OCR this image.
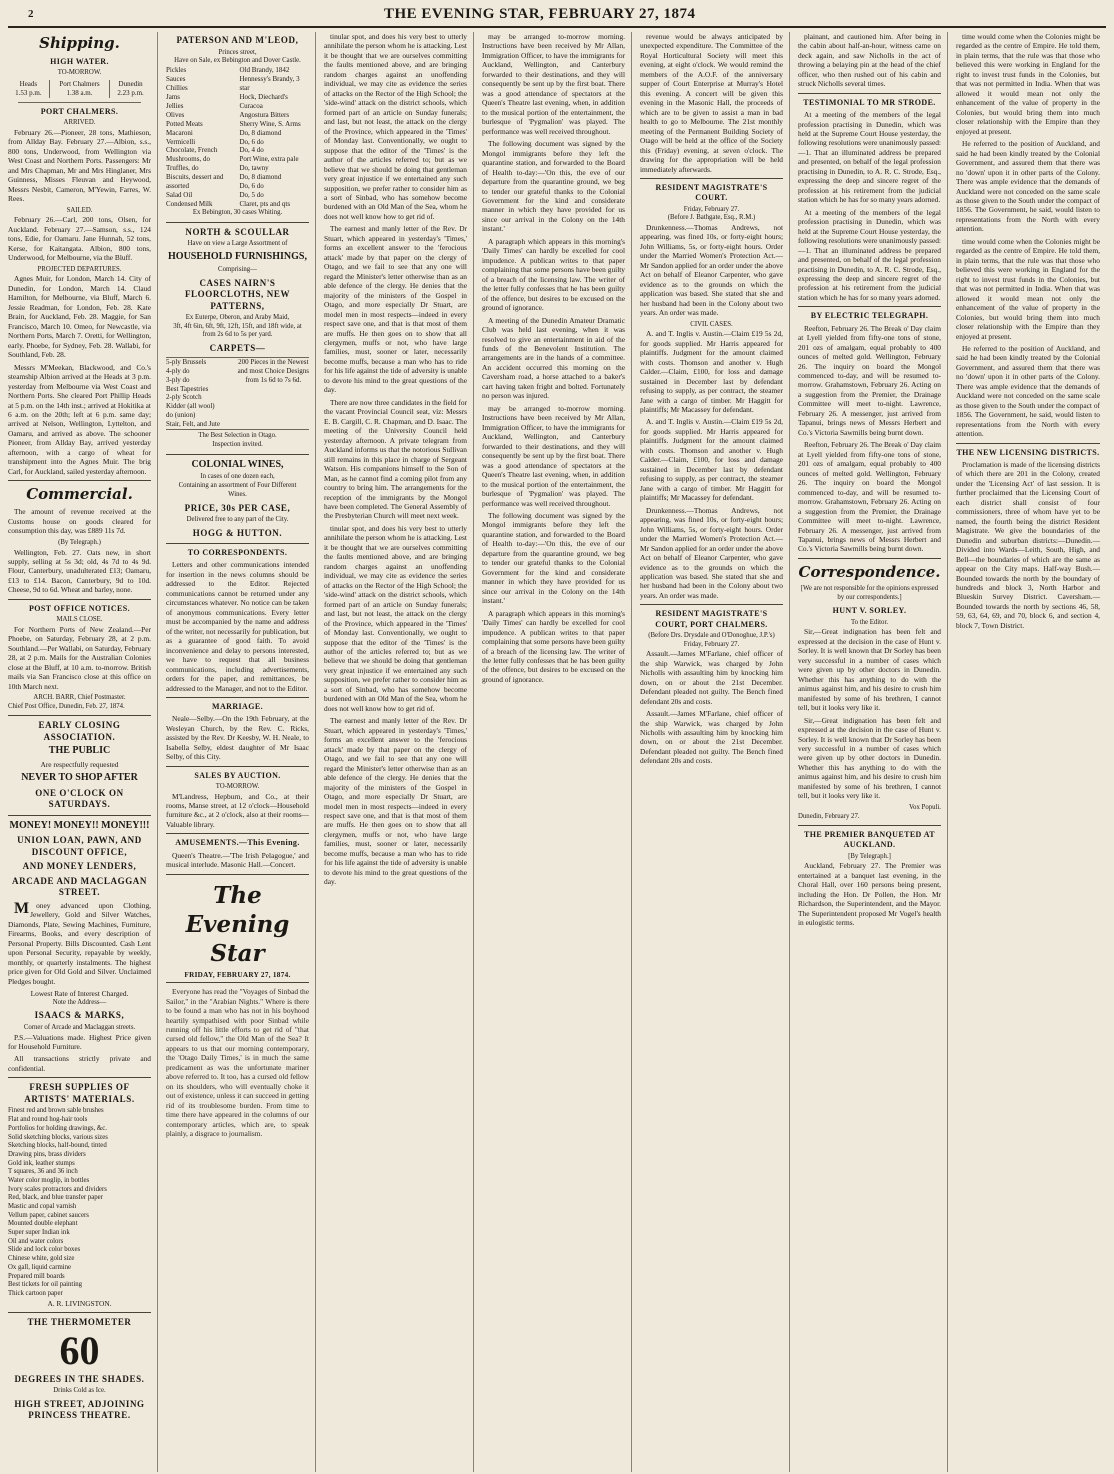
2	THE EVENING STAR, FEBRUARY 27, 1874
Shipping.
HIGH WATER.
TO-MORROW.
Heads	Port Chalmers	Dunedin
1.53 p.m.	1.38 a.m.	2.23 p.m.
PORT CHALMERS.
ARRIVED.

February 26.—Pioneer, 28 tons, Mathieson, from Allday Bay. February 27.—Albion, s.s., 800 tons, Underwood, from Wellington via West Coast and Northern Ports. Passengers: Mr and Mrs Chapman, Mr and Mrs Hinglaner, Mrs Guinness, Misses Fleuvan and Heywood, Messrs Nesbit, Cameron, M'Yewin, Farres, W. Rees.

SAILED.

February 26.—Carl, 200 tons, Olsen, for Auckland. February 27.—Samson, s.s., 124 tons, Edie, for Oamaru. Jane Hunnah, 52 tons, Kerse, for Kaitangata. Albion, 800 tons, Underwood, for Melbourne, via the Bluff.

PROJECTED DEPARTURES.

Agnes Muir, for London, March 14. City of Dunedin, for London, March 14. Claud Hamilton, for Melbourne, via Bluff, March 6. Jessie Readman, for London, Feb. 28. Kate Brain, for Auckland, Feb. 28. Maggie, for San Francisco, March 10. Omeo, for Newcastle, via Northern Ports, March 7. Oretti, for Wellington, early. Phoebe, for Sydney, Feb. 28. Wallabi, for Southland, Feb. 28.

Messrs M'Meekan, Blackwood, and Co.'s steamship Albion arrived at the Heads at 3 p.m. yesterday from Melbourne via West Coast and Northern Ports. She cleared Port Phillip Heads at 5 p.m. on the 14th inst.; arrived at Hokitika at 6 a.m. on the 20th; left at 6 p.m. same day; arrived at Nelson, Wellington, Lyttelton, and Oamaru, and arrived as above. The schooner Pioneer, from Allday Bay, arrived yesterday afternoon, with a cargo of wheat for transhipment into the Agnes Muir. The brig Carl, for Auckland, sailed yesterday afternoon.

Commercial.

The amount of revenue received at the Customs house on goods cleared for consumption this day, was £889 11s 7d.

(By Telegraph.)

Wellington, Feb. 27. Oats new, in short supply, selling at 5s 3d; old, 4s 7d to 4s 9d. Flour, Canterbury, unadulterated £13; Oamaru, £13 to £14. Bacon, Canterbury, 9d to 10d. Cheese, 9d to 6d. Wheat and barley, none.

POST OFFICE NOTICES.
MAILS CLOSE.

For Northern Ports of New Zealand.—Per Phoebe, on Saturday, February 28, at 2 p.m. Southland.—Per Wallabi, on Saturday, February 28, at 2 p.m. Mails for the Australian Colonies close at the Bluff, at 10 a.m. to-morrow. British mails via San Francisco close at this office on 10th March next.

ARCH. BARR, Chief Postmaster.
Chief Post Office, Dunedin, Feb. 27, 1874.
EARLY CLOSING ASSOCIATION.
THE PUBLIC
Are respectfully requested
NEVER TO SHOP AFTER
ONE O'CLOCK ON SATURDAYS.
MONEY! MONEY!! MONEY!!!
UNION LOAN, PAWN, AND DISCOUNT OFFICE,
AND MONEY LENDERS,
ARCADE AND MACLAGGAN STREET.

Money advanced upon Clothing, Jewellery, Gold and Silver Watches, Diamonds, Plate, Sewing Machines, Furniture, Firearms, Books, and every description of Personal Property. Bills Discounted. Cash Lent upon Personal Security, repayable by weekly, monthly, or quarterly instalments. The highest price given for Old Gold and Silver. Unclaimed Pledges bought.

Lowest Rate of Interest Charged.
Note the Address—
ISAACS & MARKS,
Corner of Arcade and Maclaggan streets.

P.S.—Valuations made. Highest Price given for Household Furniture.

All transactions strictly private and confidential.

FRESH SUPPLIES OF ARTISTS' MATERIALS.
Finest red and brown sable brushes
Flat and round hog-hair tools
Portfolios for holding drawings, &c.
Solid sketching blocks, various sizes
Sketching blocks, half-bound, tinted
Drawing pins, brass dividers
Gold ink, leather stumps
T squares, 36 and 36 inch
Water color moglip, in bottles
Ivory scales protractors and dividers
Red, black, and blue transfer paper
Mastic and copal varnish
Vellum paper, cabinet saucers
Mounted double elephant
Super super Indian ink
Oil and water colors
Slide and lock color boxes
Chinese white, gold size
Ox gall, liquid carmine
Prepared mill boards
Best tickets for oil painting
Thick cartoon paper
A. R. LIVINGSTON.
THE THERMOMETER
60
DEGREES IN THE SHADES.
Drinks Cold as Ice.
HIGH STREET, ADJOINING PRINCESS THEATRE.
PATERSON AND M'LEOD,
Princes street,
Have on Sale, ex Bebington and Dover Castle.
Pickles
Sauces
Chillies
Jams
Jellies
Olives
Potted Meats
Macaroni
Vermicelli
Chocolate, French
Mushrooms, do
Truffles, do
Biscuits, dessert and assorted
Salad Oil
Condensed Milk
Old Brandy, 1842
Hennessy's Brandy, 3 star
Hock, Diechard's
Curacoa
Angostura Bitters
Sherry Wine, S. Arms
Do, 8 diamond
Do, 6 do
Do, 4 do
Port Wine, extra pale
Do, tawny
Do, 8 diamond
Do, 6 do
Do, 5 do
Claret, pts and qts
Ex Bebington, 30 cases Whiting.
NORTH & SCOULLAR
Have on view a Large Assortment of
HOUSEHOLD FURNISHINGS,
Comprising—
CASES NAIRN'S FLOORCLOTHS, NEW PATTERNS,
Ex Euterpe, Oberon, and Araby Maid,
3ft, 4ft 6in, 6ft, 9ft, 12ft, 15ft, and 18ft wide, at from 2s 6d to 5s per yard.
CARPETS—
5-ply Brussels
4-ply do
3-ply do
Best Tapestries
2-ply Scotch
Kidder (all wool)
do (union)
Stair, Felt, and Jute
200 Pieces in the Newest and most Choice Designs from 1s 6d to 7s 6d.
The Best Selection in Otago.
Inspection invited.
COLONIAL WINES,
In cases of one dozen each,
Containing an assortment of Four Different
Wines.
PRICE, 30s PER CASE,
Delivered free to any part of the City.
HOGG & HUTTON.
TO CORRESPONDENTS.

Letters and other communications intended for insertion in the news columns should be addressed to the Editor. Rejected communications cannot be returned under any circumstances whatever. No notice can be taken of anonymous communications. Every letter must be accompanied by the name and address of the writer, not necessarily for publication, but as a guarantee of good faith. To avoid inconvenience and delay to persons interested, we have to request that all business communications, including advertisements, orders for the paper, and remittances, be addressed to the Manager, and not to the Editor.

MARRIAGE.

Neale—Selby.—On the 19th February, at the Wesleyan Church, by the Rev. C. Ricks, assisted by the Rev. Dr Keesby, W. H. Neale, to Isabella Selby, eldest daughter of Mr Isaac Selby, of this City.

SALES BY AUCTION.
TO-MORROW.

M'Landress, Hepburn, and Co., at their rooms, Manse street, at 12 o'clock—Household furniture &c., at 2 o'clock, also at their rooms—Valuable library.

AMUSEMENTS.—This Evening.

Queen's Theatre.—'The Irish Pelagogue,' and musical interlude. Masonic Hall.—Concert.

The Evening Star
FRIDAY, FEBRUARY 27, 1874.

Everyone has read the "Voyages of Sinbad the Sailor," in the "Arabian Nights." Where is there to be found a man who has not in his boyhood heartily sympathised with poor Sinbad while running off his little efforts to get rid of "that cursed old fellow," the Old Man of the Sea? It appears to us that our morning contemporary, the 'Otago Daily Times,' is in much the same predicament as was the unfortunate mariner above referred to. It too, has a cursed old fellow on its shoulders, who will eventually choke it out of existence, unless it can succeed in getting rid of its troublesome burden. From time to time there have appeared in the columns of our contemporary articles, which are, to speak plainly, a disgrace to journalism.

tinular spot, and does his very best to utterly annihilate the person whom he is attacking. Lest it be thought that we are ourselves committing the faults mentioned above, and are bringing random charges against an unoffending individual, we may cite as evidence the series of attacks on the Rector of the High School; the 'side-wind' attack on the district schools, which formed part of an article on Sunday funerals; and last, but not least, the attack on the clergy of the Province, which appeared in the 'Times' of Monday last. Conventionally, we ought to suppose that the editor of the 'Times' is the author of the articles referred to; but as we believe that we should be doing that gentleman very great injustice if we entertained any such supposition, we prefer rather to consider him as a sort of Sinbad, who has somehow become burdened with an Old Man of the Sea, whom he does not well know how to get rid of.

The earnest and manly letter of the Rev. Dr Stuart, which appeared in yesterday's 'Times,' forms an excellent answer to the 'ferocious attack' made by that paper on the clergy of Otago, and we fail to see that any one will regard the Minister's letter otherwise than as an able defence of the clergy. He denies that the majority of the ministers of the Gospel in Otago, and more especially Dr Stuart, are model men in most respects—indeed in every respect save one, and that is that most of them are muffs. He then goes on to show that all clergymen, muffs or not, who have large families, must, sooner or later, necessarily become muffs, because a man who has to ride for his life against the tide of adversity is unable to devote his mind to the great questions of the day.

There are now three candidates in the field for the vacant Provincial Council seat, viz: Messrs E. B. Cargill, C. R. Chapman, and D. Isaac. The meeting of the University Council held yesterday afternoon. A private telegram from Auckland informs us that the notorious Sullivan still remains in this place in charge of Sergeant Watson. His companions himself to the Son of Man, as he cannot find a coming pilot from any country to bring him. The arrangements for the reception of the immigrants by the Mongol have been completed. The General Assembly of the Presbyterian Church will meet next week.

tinular spot, and does his very best to utterly annihilate the person whom he is attacking. Lest it be thought that we are ourselves committing the faults mentioned above, and are bringing random charges against an unoffending individual, we may cite as evidence the series of attacks on the Rector of the High School; the 'side-wind' attack on the district schools, which formed part of an article on Sunday funerals; and last, but not least, the attack on the clergy of the Province, which appeared in the 'Times' of Monday last. Conventionally, we ought to suppose that the editor of the 'Times' is the author of the articles referred to; but as we believe that we should be doing that gentleman very great injustice if we entertained any such supposition, we prefer rather to consider him as a sort of Sinbad, who has somehow become burdened with an Old Man of the Sea, whom he does not well know how to get rid of.

The earnest and manly letter of the Rev. Dr Stuart, which appeared in yesterday's 'Times,' forms an excellent answer to the 'ferocious attack' made by that paper on the clergy of Otago, and we fail to see that any one will regard the Minister's letter otherwise than as an able defence of the clergy. He denies that the majority of the ministers of the Gospel in Otago, and more especially Dr Stuart, are model men in most respects—indeed in every respect save one, and that is that most of them are muffs. He then goes on to show that all clergymen, muffs or not, who have large families, must, sooner or later, necessarily become muffs, because a man who has to ride for his life against the tide of adversity is unable to devote his mind to the great questions of the day.

may be arranged to-morrow morning. Instructions have been received by Mr Allan, Immigration Officer, to have the immigrants for Auckland, Wellington, and Canterbury forwarded to their destinations, and they will consequently be sent up by the first boat. There was a good attendance of spectators at the Queen's Theatre last evening, when, in addition to the musical portion of the entertainment, the burlesque of 'Pygmalion' was played. The performance was well received throughout.

The following document was signed by the Mongol immigrants before they left the quarantine station, and forwarded to the Board of Health to-day:—'On this, the eve of our departure from the quarantine ground, we beg to tender our grateful thanks to the Colonial Government for the kind and considerate manner in which they have provided for us since our arrival in the Colony on the 14th instant.'

A paragraph which appears in this morning's 'Daily Times' can hardly be excelled for cool impudence. A publican writes to that paper complaining that some persons have been guilty of a breach of the licensing law. The writer of the letter fully confesses that he has been guilty of the offence, but desires to be excused on the ground of ignorance.

A meeting of the Dunedin Amateur Dramatic Club was held last evening, when it was resolved to give an entertainment in aid of the funds of the Benevolent Institution. The arrangements are in the hands of a committee. An accident occurred this morning on the Caversham road, a horse attached to a baker's cart having taken fright and bolted. Fortunately no person was injured.

may be arranged to-morrow morning. Instructions have been received by Mr Allan, Immigration Officer, to have the immigrants for Auckland, Wellington, and Canterbury forwarded to their destinations, and they will consequently be sent up by the first boat. There was a good attendance of spectators at the Queen's Theatre last evening, when, in addition to the musical portion of the entertainment, the burlesque of 'Pygmalion' was played. The performance was well received throughout.

The following document was signed by the Mongol immigrants before they left the quarantine station, and forwarded to the Board of Health to-day:—'On this, the eve of our departure from the quarantine ground, we beg to tender our grateful thanks to the Colonial Government for the kind and considerate manner in which they have provided for us since our arrival in the Colony on the 14th instant.'

A paragraph which appears in this morning's 'Daily Times' can hardly be excelled for cool impudence. A publican writes to that paper complaining that some persons have been guilty of a breach of the licensing law. The writer of the letter fully confesses that he has been guilty of the offence, but desires to be excused on the ground of ignorance.

revenue would be always anticipated by unexpected expenditure. The Committee of the Royal Horticultural Society will meet this evening, at eight o'clock. We would remind the members of the A.O.F. of the anniversary supper of Court Enterprise at Murray's Hotel this evening. A concert will be given this evening in the Masonic Hall, the proceeds of which are to be given to assist a man in bad health to go to Melbourne. The 21st monthly meeting of the Permanent Building Society of Otago will be held at the office of the Society this (Friday) evening, at seven o'clock. The drawing for the appropriation will be held immediately afterwards.

RESIDENT MAGISTRATE'S COURT.
Friday, February 27.
(Before J. Bathgate, Esq., R.M.)

Drunkenness.—Thomas Andrews, not appearing, was fined 10s, or forty-eight hours; John Williams, 5s, or forty-eight hours. Order under the Married Women's Protection Act.—Mr Sandon applied for an order under the above Act on behalf of Eleanor Carpenter, who gave evidence as to the grounds on which the application was based. She stated that she and her husband had been in the Colony about two years. An order was made.

CIVIL CASES.

A. and T. Inglis v. Austin.—Claim £19 5s 2d, for goods supplied. Mr Harris appeared for plaintiffs. Judgment for the amount claimed with costs. Thomson and another v. Hugh Calder.—Claim, £100, for loss and damage sustained in December last by defendant refusing to supply, as per contract, the steamer Jane with a cargo of timber. Mr Haggitt for plaintiffs; Mr Macassey for defendant.

A. and T. Inglis v. Austin.—Claim £19 5s 2d, for goods supplied. Mr Harris appeared for plaintiffs. Judgment for the amount claimed with costs. Thomson and another v. Hugh Calder.—Claim, £100, for loss and damage sustained in December last by defendant refusing to supply, as per contract, the steamer Jane with a cargo of timber. Mr Haggitt for plaintiffs; Mr Macassey for defendant.

Drunkenness.—Thomas Andrews, not appearing, was fined 10s, or forty-eight hours; John Williams, 5s, or forty-eight hours. Order under the Married Women's Protection Act.—Mr Sandon applied for an order under the above Act on behalf of Eleanor Carpenter, who gave evidence as to the grounds on which the application was based. She stated that she and her husband had been in the Colony about two years. An order was made.

RESIDENT MAGISTRATE'S COURT, PORT CHALMERS.
(Before Drs. Drysdale and O'Donoghue, J.P.'s)
Friday, February 27.

Assault.—James M'Farlane, chief officer of the ship Warwick, was charged by John Nicholls with assaulting him by knocking him down, on or about the 21st December. Defendant pleaded not guilty. The Bench fined defendant 20s and costs.

Assault.—James M'Farlane, chief officer of the ship Warwick, was charged by John Nicholls with assaulting him by knocking him down, on or about the 21st December. Defendant pleaded not guilty. The Bench fined defendant 20s and costs.

plainant, and cautioned him. After being in the cabin about half-an-hour, witness came on deck again, and saw Nicholls in the act of throwing a belaying pin at the head of the chief officer, who then rushed out of his cabin and struck Nicholls several times.

TESTIMONIAL TO MR STRODE.

At a meeting of the members of the legal profession practising in Dunedin, which was held at the Supreme Court House yesterday, the following resolutions were unanimously passed:—1. That an illuminated address be prepared and presented, on behalf of the legal profession practising in Dunedin, to A. R. C. Strode, Esq., expressing the deep and sincere regret of the profession at his retirement from the judicial station which he has for so many years adorned.

At a meeting of the members of the legal profession practising in Dunedin, which was held at the Supreme Court House yesterday, the following resolutions were unanimously passed:—1. That an illuminated address be prepared and presented, on behalf of the legal profession practising in Dunedin, to A. R. C. Strode, Esq., expressing the deep and sincere regret of the profession at his retirement from the judicial station which he has for so many years adorned.

BY ELECTRIC TELEGRAPH.

Reefton, February 26. The Break o' Day claim at Lyell yielded from fifty-one tons of stone, 201 ozs of amalgam, equal probably to 400 ounces of melted gold. Wellington, February 26. The inquiry on board the Mongol commenced to-day, and will be resumed to-morrow. Grahamstown, February 26. Acting on a suggestion from the Premier, the Drainage Committee will meet to-night. Lawrence, February 26. A messenger, just arrived from Tapanui, brings news of Messrs Herbert and Co.'s Victoria Sawmills being burnt down.

Reefton, February 26. The Break o' Day claim at Lyell yielded from fifty-one tons of stone, 201 ozs of amalgam, equal probably to 400 ounces of melted gold. Wellington, February 26. The inquiry on board the Mongol commenced to-day, and will be resumed to-morrow. Grahamstown, February 26. Acting on a suggestion from the Premier, the Drainage Committee will meet to-night. Lawrence, February 26. A messenger, just arrived from Tapanui, brings news of Messrs Herbert and Co.'s Victoria Sawmills being burnt down.

Correspondence.
[We are not responsible for the opinions expressed by our correspondents.]
HUNT V. SORLEY.
To the Editor.

Sir,—Great indignation has been felt and expressed at the decision in the case of Hunt v. Sorley. It is well known that Dr Sorley has been very successful in a number of cases which were given up by other doctors in Dunedin. Whether this has anything to do with the animus against him, and his desire to crush him manifested by some of his brethren, I cannot tell, but it looks very like it.

Sir,—Great indignation has been felt and expressed at the decision in the case of Hunt v. Sorley. It is well known that Dr Sorley has been very successful in a number of cases which were given up by other doctors in Dunedin. Whether this has anything to do with the animus against him, and his desire to crush him manifested by some of his brethren, I cannot tell, but it looks very like it.

Vox Populi.
Dunedin, February 27.
THE PREMIER BANQUETED AT AUCKLAND.
[By Telegraph.]

Auckland, February 27. The Premier was entertained at a banquet last evening, in the Choral Hall, over 160 persons being present, including the Hon. Dr Pollen, the Hon. Mr Richardson, the Superintendent, and the Mayor. The Superintendent proposed Mr Vogel's health in eulogistic terms.

time would come when the Colonies might be regarded as the centre of Empire. He told them, in plain terms, that the rule was that those who believed this were working in England for the right to invest trust funds in the Colonies, but that was not permitted in India. When that was allowed it would mean not only the enhancement of the value of property in the Colonies, but would bring them into much closer relationship with the Empire than they enjoyed at present.

He referred to the position of Auckland, and said he had been kindly treated by the Colonial Government, and assured them that there was no 'down' upon it in other parts of the Colony. There was ample evidence that the demands of Auckland were not conceded on the same scale as those given to the South under the compact of 1856. The Government, he said, would listen to representations from the North with every attention.

time would come when the Colonies might be regarded as the centre of Empire. He told them, in plain terms, that the rule was that those who believed this were working in England for the right to invest trust funds in the Colonies, but that was not permitted in India. When that was allowed it would mean not only the enhancement of the value of property in the Colonies, but would bring them into much closer relationship with the Empire than they enjoyed at present.

He referred to the position of Auckland, and said he had been kindly treated by the Colonial Government, and assured them that there was no 'down' upon it in other parts of the Colony. There was ample evidence that the demands of Auckland were not conceded on the same scale as those given to the South under the compact of 1856. The Government, he said, would listen to representations from the North with every attention.

THE NEW LICENSING DISTRICTS.

Proclamation is made of the licensing districts of which there are 201 in the Colony, created under the 'Licensing Act' of last session. It is further proclaimed that the Licensing Court of each district shall consist of four commissioners, three of whom have yet to be named, the fourth being the district Resident Magistrate. We give the boundaries of the Dunedin and suburban districts:—Dunedin.—Divided into Wards—Leith, South, High, and Bell—the boundaries of which are the same as appear on the City maps. Half-way Bush.—Bounded towards the north by the boundary of hundreds and block 3, North Harbor and Blueskin Survey District. Caversham.—Bounded towards the north by sections 46, 58, 59, 63, 64, 69, and 70, block 6, and section 4, block 7, Town District.
